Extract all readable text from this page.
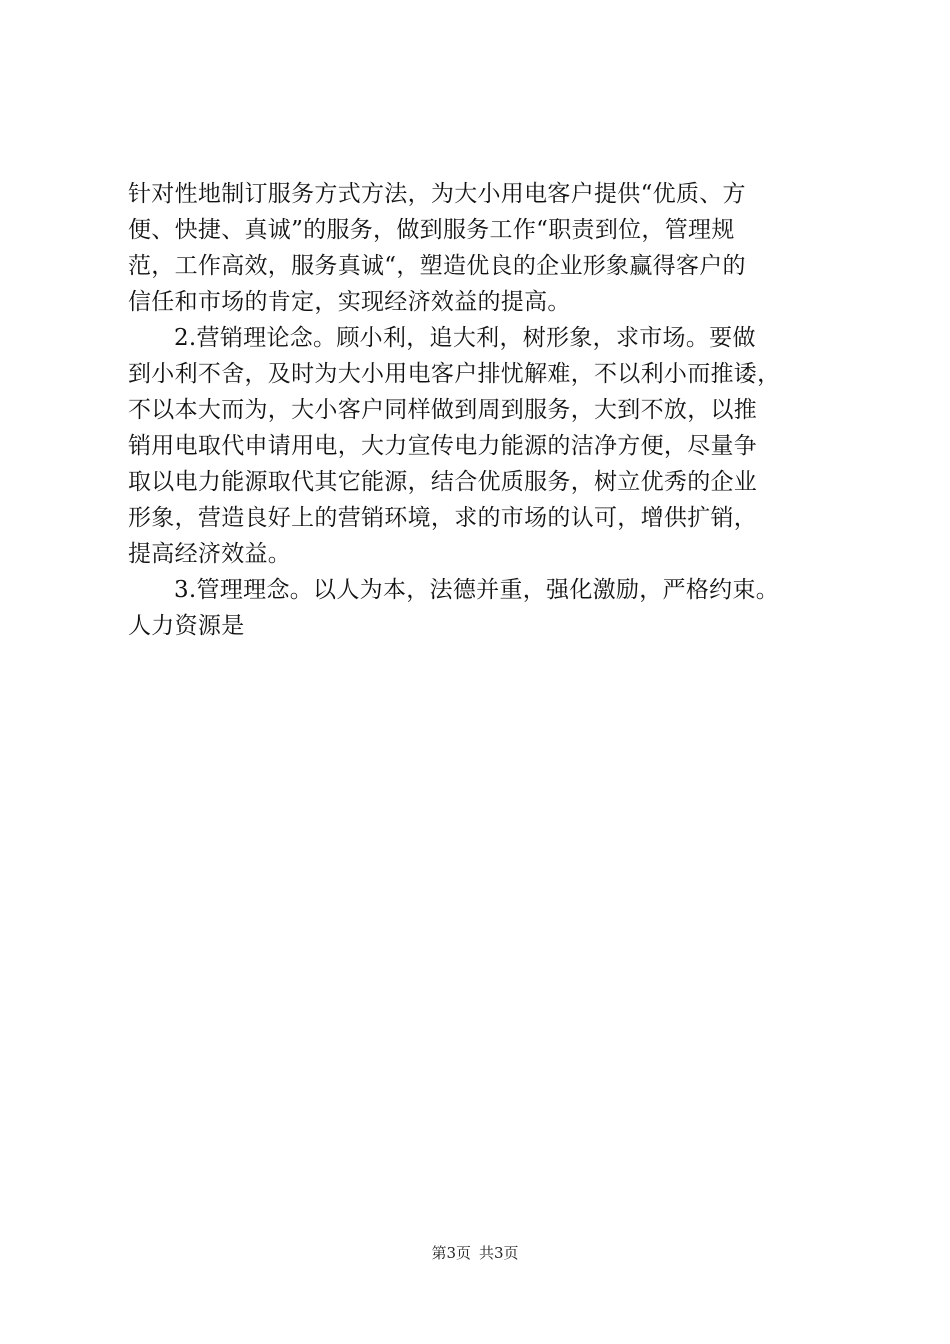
针对性地制订服务方式方法，为大小用电客户提供“优质、方
便、快捷、真诚”的服务，做到服务工作“职责到位，管理规
范，工作高效，服务真诚“，塑造优良的企业形象赢得客户的
信任和市场的肯定，实现经济效益的提高。
2.营销理论念。顾小利，追大利，树形象，求市场。要做
到小利不舍，及时为大小用电客户排忧解难，不以利小而推诿，
不以本大而为，大小客户同样做到周到服务，大到不放，以推
销用电取代申请用电，大力宣传电力能源的洁净方便，尽量争
取以电力能源取代其它能源，结合优质服务，树立优秀的企业
形象，营造良好上的营销环境，求的市场的认可，增供扩销，
提高经济效益。
3.管理理念。以人为本，法德并重，强化激励，严格约束。
人力资源是
第3页 共3页
